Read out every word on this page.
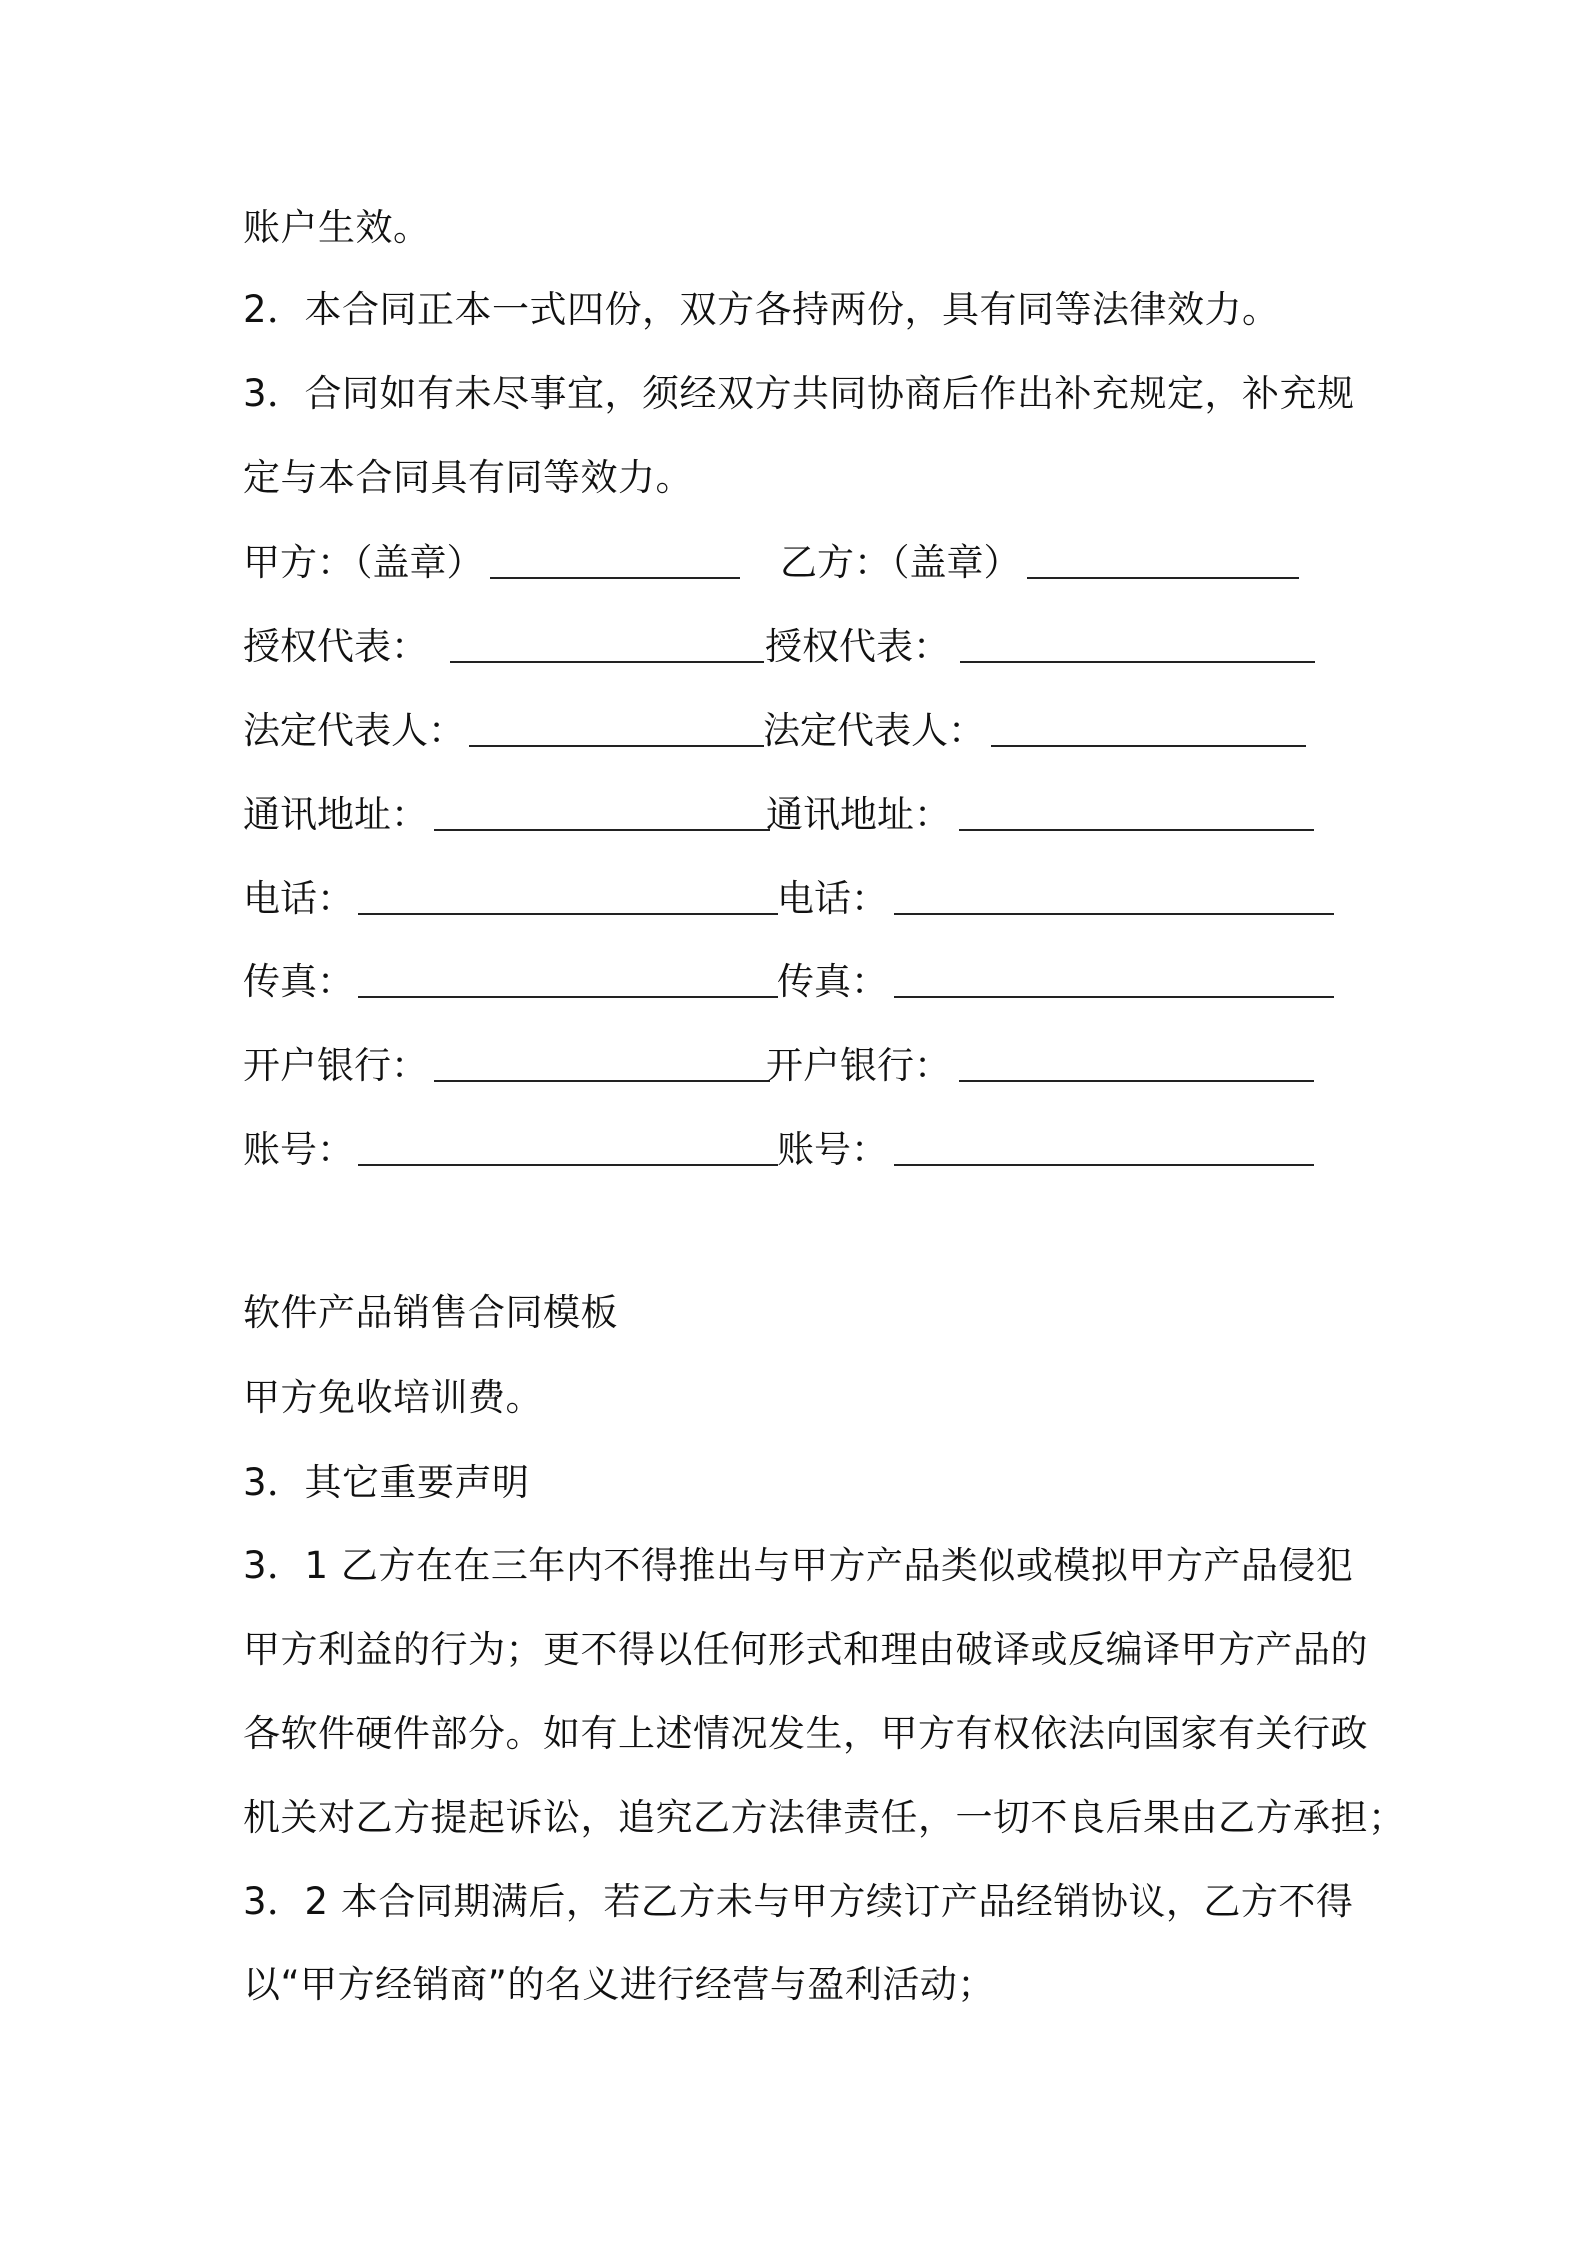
账户生效。
2．本合同正本一式四份，双方各持两份，具有同等法律效力。
3．合同如有未尽事宜，须经双方共同协商后作出补充规定，补充规
定与本合同具有同等效力。
甲方：（盖章）	乙方：（盖章）
授权代表：	授权代表：
法定代表人：	法定代表人：
通讯地址：	通讯地址：
电话：	电话：
传真：	传真：
开户银行：	开户银行：
账号：	账号：
软件产品销售合同模板
甲方免收培训费。
3．其它重要声明
3．1 乙方在在三年内不得推出与甲方产品类似或模拟甲方产品侵犯
甲方利益的行为；更不得以任何形式和理由破译或反编译甲方产品的
各软件硬件部分。如有上述情况发生，甲方有权依法向国家有关行政
机关对乙方提起诉讼，追究乙方法律责任，一切不良后果由乙方承担；
3．2 本合同期满后，若乙方未与甲方续订产品经销协议，乙方不得
以“甲方经销商”的名义进行经营与盈利活动；
